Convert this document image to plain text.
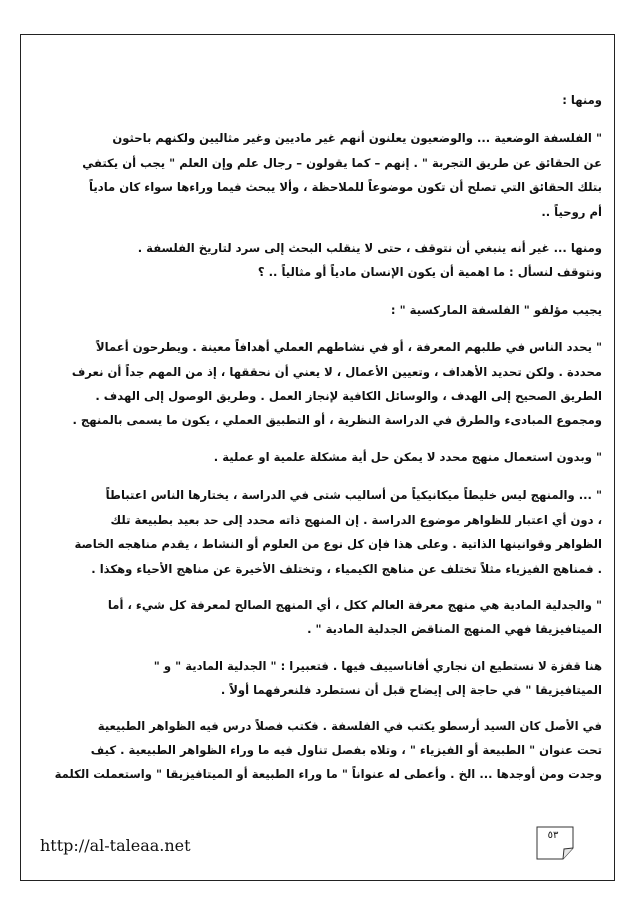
ومنها :

" الفلسفة الوضعية ... والوضعيون يعلنون أنهم غير ماديين وغير مثاليين ولكنهم باحثون
عن الحقائق عن طريق التجربة " . إنهم – كما يقولون – رجال علم وإن العلم " يجب أن يكتفي
بتلك الحقائق التي تصلح أن تكون موضوعاً للملاحظة ، وألا يبحث فيما وراءها سواء كان مادياً
أم روحياً ..

ومنها ... غير أنه ينبغي أن نتوقف ، حتى لا ينقلب البحث إلى سرد لتاريخ الفلسفة .
ونتوقف لنسأل : ما اهمية أن يكون الإنسان مادياً أو مثالياً .. ؟

يجيب مؤلفو " الفلسفة الماركسية " :

" يحدد الناس في طلبهم المعرفة ، أو في نشاطهم العملي أهدافاً معينة . ويطرحون أعمالاً
محددة . ولكن تحديد الأهداف ، وتعيين الأعمال ، لا يعني أن نحققها ، إذ من المهم جداً أن نعرف
الطريق الصحيح إلى الهدف ، والوسائل الكافية لإنجاز العمل . وطريق الوصول إلى الهدف .
ومجموع المبادىء والطرق في الدراسة النظرية ، أو التطبيق العملي ، يكون ما يسمى بالمنهج .

" وبدون استعمال منهج محدد لا يمكن حل أية مشكلة علمية او عملية .

" ... والمنهج ليس خليطاً ميكانيكياً من أساليب شتى في الدراسة ، يختارها الناس اعتباطاً
، دون أي اعتبار للظواهر موضوع الدراسة . إن المنهج ذاته محدد إلى حد بعيد بطبيعة تلك
الظواهر وقوانينها الذاتية . وعلى هذا فإن كل نوع من العلوم أو النشاط ، يقدم مناهجه الخاصة
. فمناهج الفيزياء مثلاً تختلف عن مناهج الكيمياء ، وتختلف الأخيرة عن مناهج الأحياء وهكذا .

" والجدلية المادية هي منهج معرفة العالم ككل ، أي المنهج الصالح لمعرفة كل شيء ، أما
الميتافيزيقا فهي المنهج المناقض الجدلية المادية " .

هنا قفزة لا نستطيع ان نجاري أفاناسييف فيها . فتعبيرا : " الجدلية المادية " و "
الميتافيزيقا " في حاجة إلى إيضاح قبل أن نستطرد فلنعرفهما أولاً .

في الأصل كان السيد أرسطو يكتب في الفلسفة . فكتب فصلاً درس فيه الظواهر الطبيعية
تحت عنوان " الطبيعة أو الفيزياء " ، وتلاه بفصل تناول فيه ما وراء الظواهر الطبيعية . كيف
وجدت ومن أوجدها ... الخ . وأعطى له عنواناً " ما وراء الطبيعة أو الميتافيزيقا " واستعملت الكلمة

http://al-taleaa.net
٥٣
